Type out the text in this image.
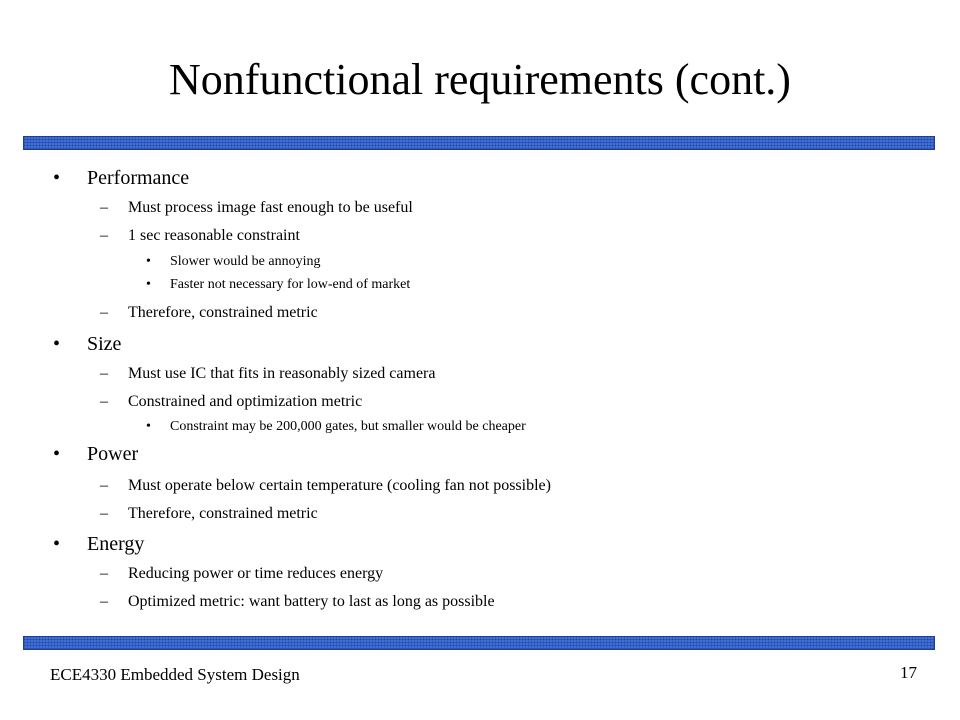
Nonfunctional requirements (cont.)
• Performance
– Must process image fast enough to be useful
– 1 sec reasonable constraint
• Slower would be annoying
• Faster not necessary for low-end of market
– Therefore, constrained metric
• Size
– Must use IC that fits in reasonably sized camera
– Constrained and optimization metric
• Constraint may be 200,000 gates, but smaller would be cheaper
• Power
– Must operate below certain temperature (cooling fan not possible)
– Therefore, constrained metric
• Energy
– Reducing power or time reduces energy
– Optimized metric: want battery to last as long as possible
ECE4330 Embedded System Design	17
